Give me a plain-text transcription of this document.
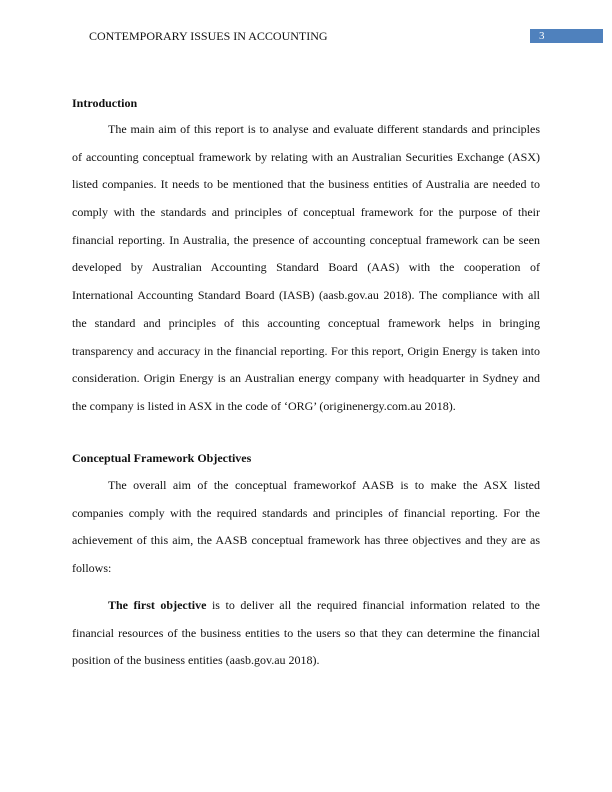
CONTEMPORARY ISSUES IN ACCOUNTING	3
Introduction
The main aim of this report is to analyse and evaluate different standards and principles
of accounting conceptual framework by relating with an Australian Securities Exchange (ASX)
listed companies. It needs to be mentioned that the business entities of Australia are needed to
comply with the standards and principles of conceptual framework for the purpose of their
financial reporting. In Australia, the presence of accounting conceptual framework can be seen
developed by Australian Accounting Standard Board (AAS) with the cooperation of
International Accounting Standard Board (IASB) (aasb.gov.au 2018). The compliance with all
the standard and principles of this accounting conceptual framework helps in bringing
transparency and accuracy in the financial reporting. For this report, Origin Energy is taken into
consideration. Origin Energy is an Australian energy company with headquarter in Sydney and
the company is listed in ASX in the code of ‘ORG’ (originenergy.com.au 2018).
Conceptual Framework Objectives
The overall aim of the conceptual frameworkof AASB is to make the ASX listed
companies comply with the required standards and principles of financial reporting. For the
achievement of this aim, the AASB conceptual framework has three objectives and they are as
follows:
The first objective is to deliver all the required financial information related to the
financial resources of the business entities to the users so that they can determine the financial
position of the business entities (aasb.gov.au 2018).
